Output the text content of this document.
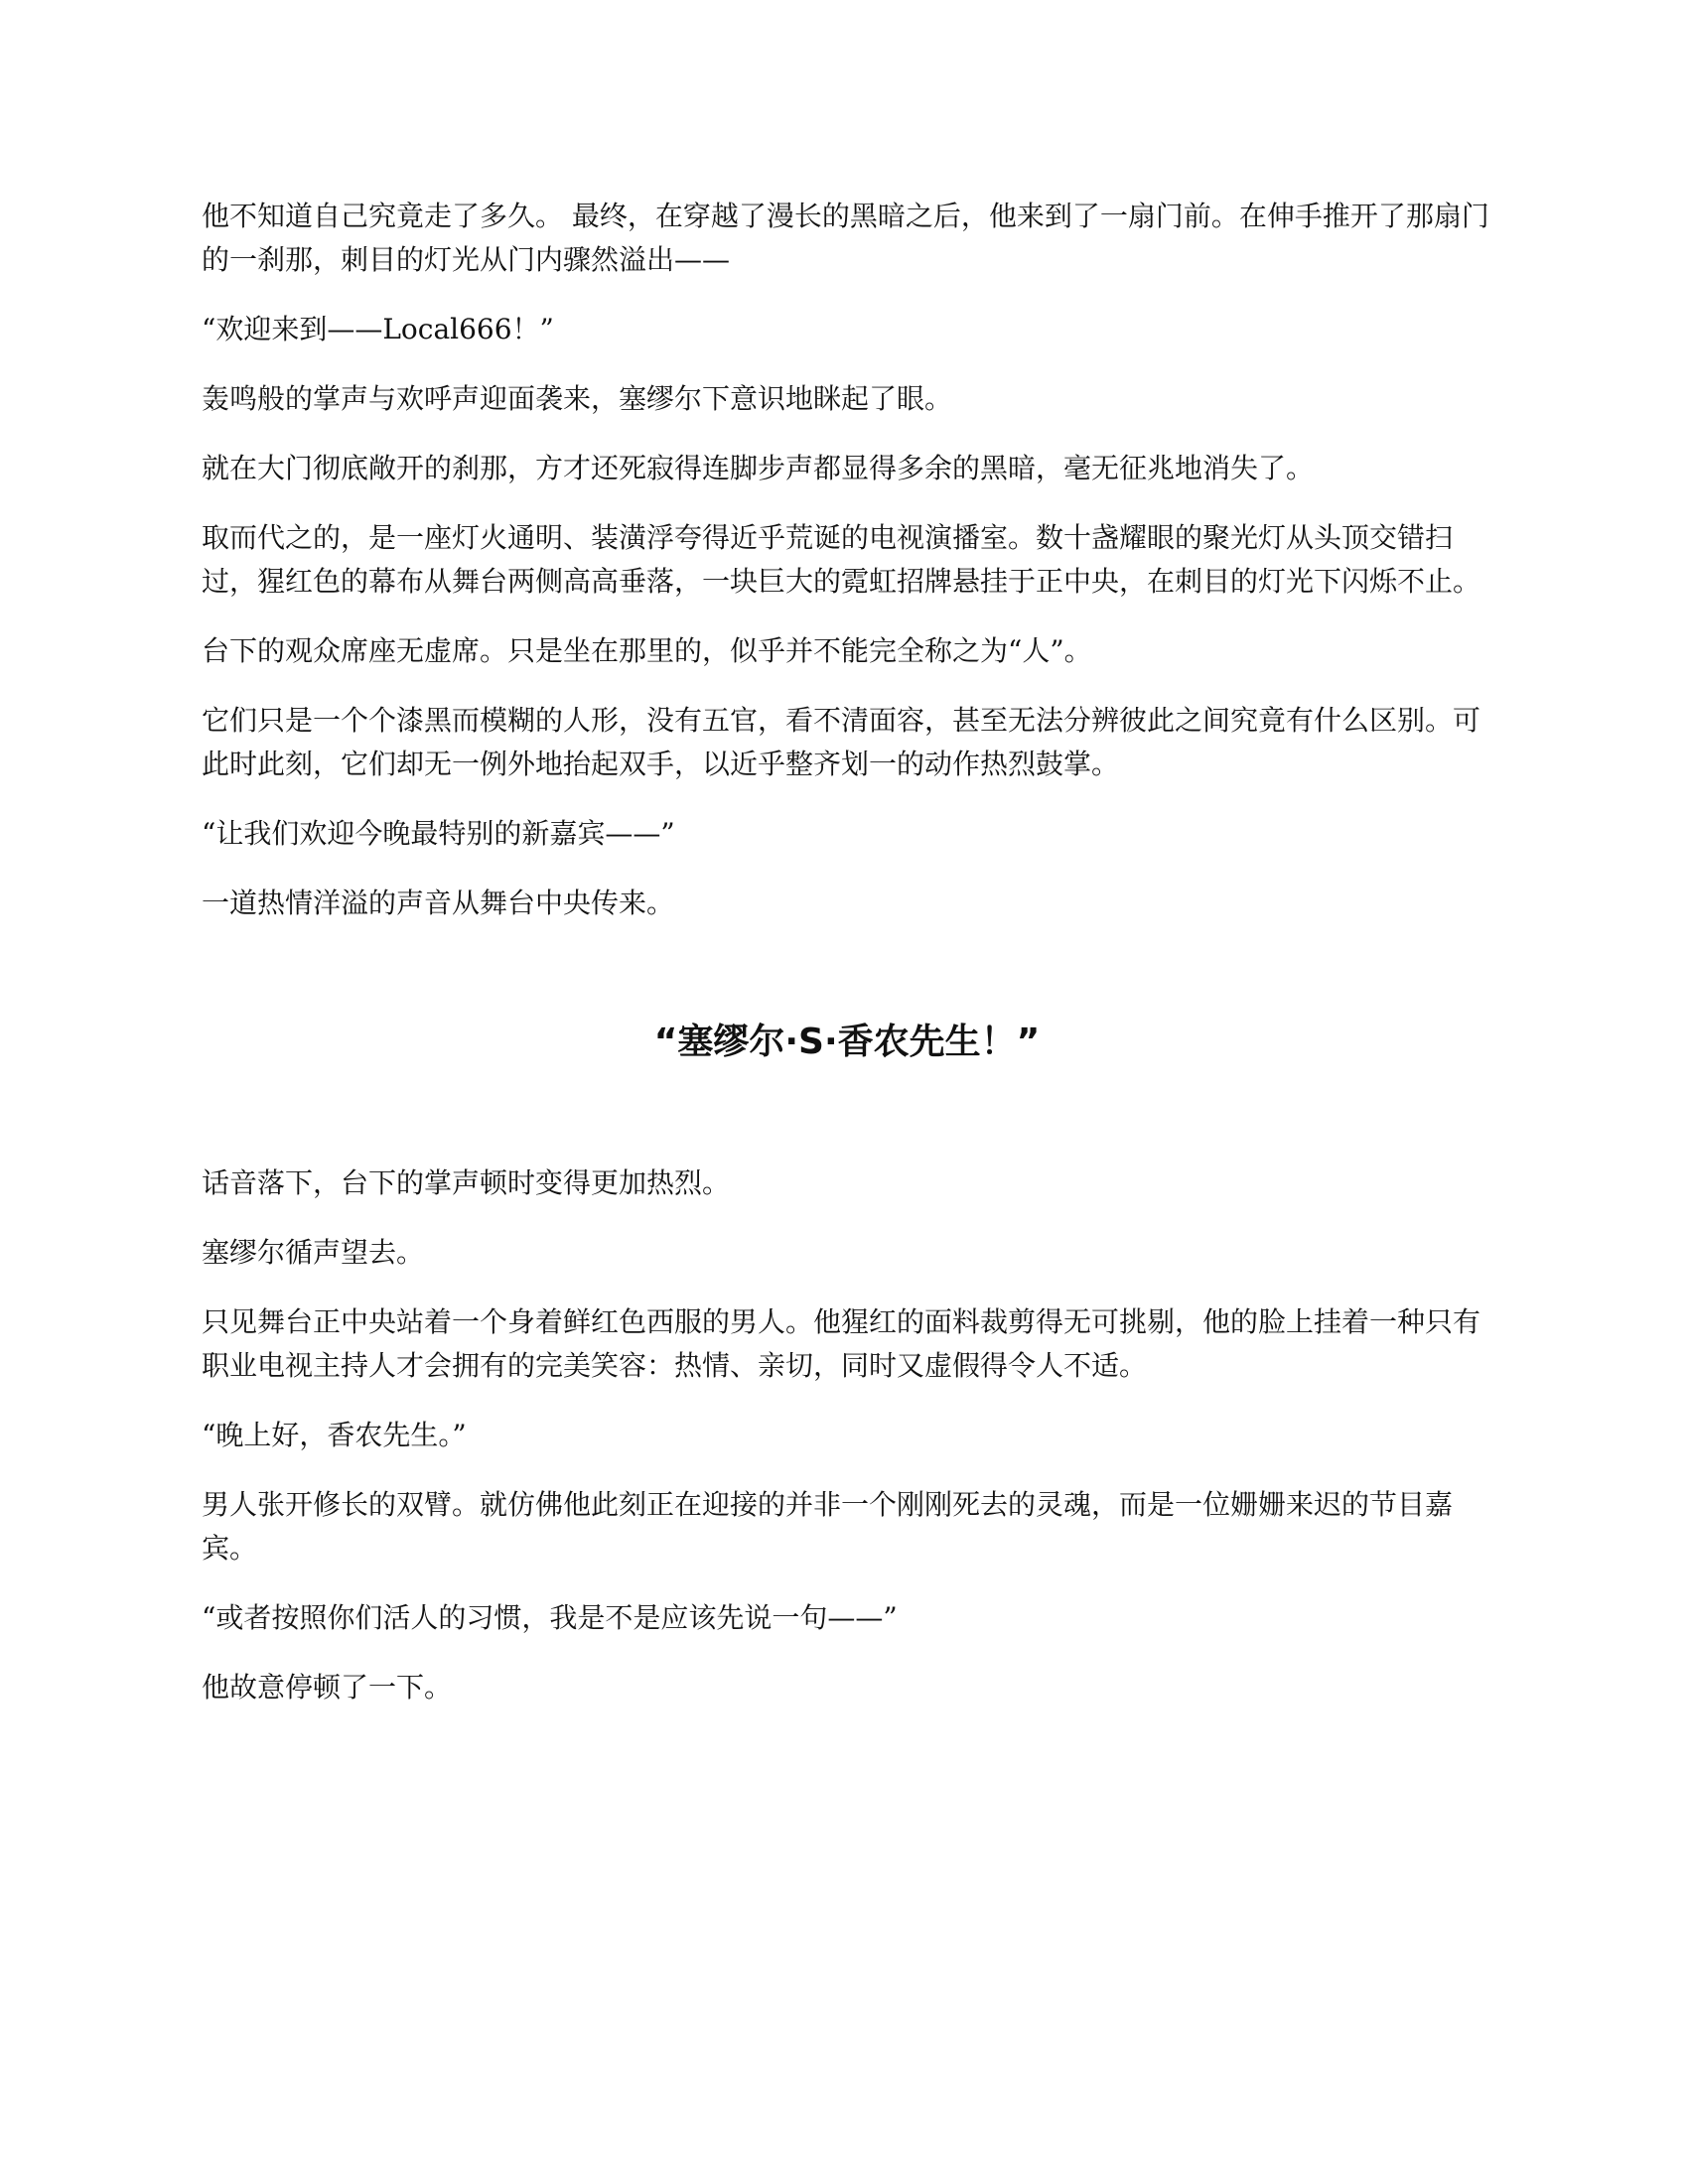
他不知道自己究竟走了多久。 最终，在穿越了漫长的黑暗之后，他来到了一扇门前。在伸手推开了那扇门的一刹那，刺目的灯光从门内骤然溢出——

“欢迎来到——Local666！”

轰鸣般的掌声与欢呼声迎面袭来，塞缪尔下意识地眯起了眼。

就在大门彻底敞开的刹那，方才还死寂得连脚步声都显得多余的黑暗，毫无征兆地消失了。

取而代之的，是一座灯火通明、装潢浮夸得近乎荒诞的电视演播室。数十盏耀眼的聚光灯从头顶交错扫过，猩红色的幕布从舞台两侧高高垂落，一块巨大的霓虹招牌悬挂于正中央，在刺目的灯光下闪烁不止。

台下的观众席座无虚席。只是坐在那里的，似乎并不能完全称之为“人”。

它们只是一个个漆黑而模糊的人形，没有五官，看不清面容，甚至无法分辨彼此之间究竟有什么区别。可此时此刻，它们却无一例外地抬起双手，以近乎整齐划一的动作热烈鼓掌。

“让我们欢迎今晚最特别的新嘉宾——”

一道热情洋溢的声音从舞台中央传来。

“塞缪尔·S·香农先生！”

话音落下，台下的掌声顿时变得更加热烈。

塞缪尔循声望去。

只见舞台正中央站着一个身着鲜红色西服的男人。他猩红的面料裁剪得无可挑剔，他的脸上挂着一种只有职业电视主持人才会拥有的完美笑容：热情、亲切，同时又虚假得令人不适。

“晚上好，香农先生。”

男人张开修长的双臂。就仿佛他此刻正在迎接的并非一个刚刚死去的灵魂，而是一位姗姗来迟的节目嘉宾。

“或者按照你们活人的习惯，我是不是应该先说一句——”

他故意停顿了一下。
